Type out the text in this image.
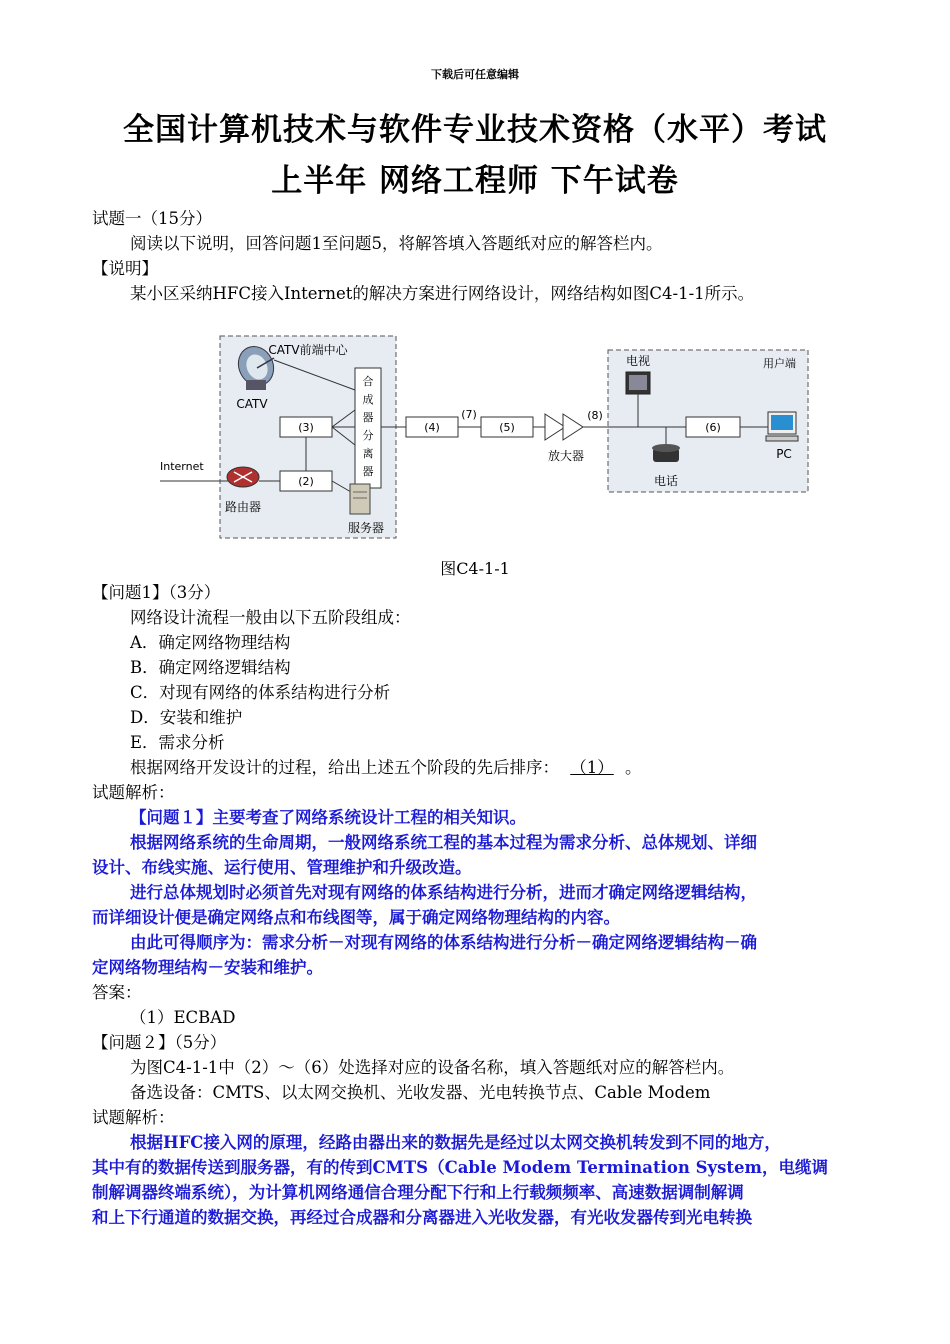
下载后可任意编辑
全国计算机技术与软件专业技术资格（水平）考试
上半年 网络工程师 下午试卷
试题一（15分）
阅读以下说明，回答问题1至问题5，将解答填入答题纸对应的解答栏内。
【说明】
某小区采纳HFC接入Internet的解决方案进行网络设计，网络结构如图C4-1-1所示。
CATV前端中心
CATV
合
成
器
分
离
器
(3)
(2)
Internet
路由器
服务器
(4)
(7)
(5)
放大器
(8)
电视	用户端
(6)
电话
PC
图C4-1-1
【问题1】（3分）
网络设计流程一般由以下五阶段组成：
A．确定网络物理结构
B．确定网络逻辑结构
C．对现有网络的体系结构进行分析
D．安装和维护
E．需求分析
根据网络开发设计的过程，给出上述五个阶段的先后排序： （1） 。
试题解析：
【问题１】主要考查了网络系统设计工程的相关知识。
根据网络系统的生命周期，一般网络系统工程的基本过程为需求分析、总体规划、详细
设计、布线实施、运行使用、管理维护和升级改造。
进行总体规划时必须首先对现有网络的体系结构进行分析，进而才确定网络逻辑结构，
而详细设计便是确定网络点和布线图等，属于确定网络物理结构的内容。
由此可得顺序为：需求分析－对现有网络的体系结构进行分析－确定网络逻辑结构－确
定网络物理结构－安装和维护。
答案：
（1）ECBAD
【问题２】（5分）
为图C4-1-1中（2）～（6）处选择对应的设备名称，填入答题纸对应的解答栏内。
备选设备：CMTS、以太网交换机、光收发器、光电转换节点、Cable Modem
试题解析：
根据HFC接入网的原理，经路由器出来的数据先是经过以太网交换机转发到不同的地方，
其中有的数据传送到服务器，有的传到CMTS（Cable Modem Termination System，电缆调
制解调器终端系统），为计算机网络通信合理分配下行和上行载频频率、高速数据调制解调
和上下行通道的数据交换，再经过合成器和分离器进入光收发器，有光收发器传到光电转换
